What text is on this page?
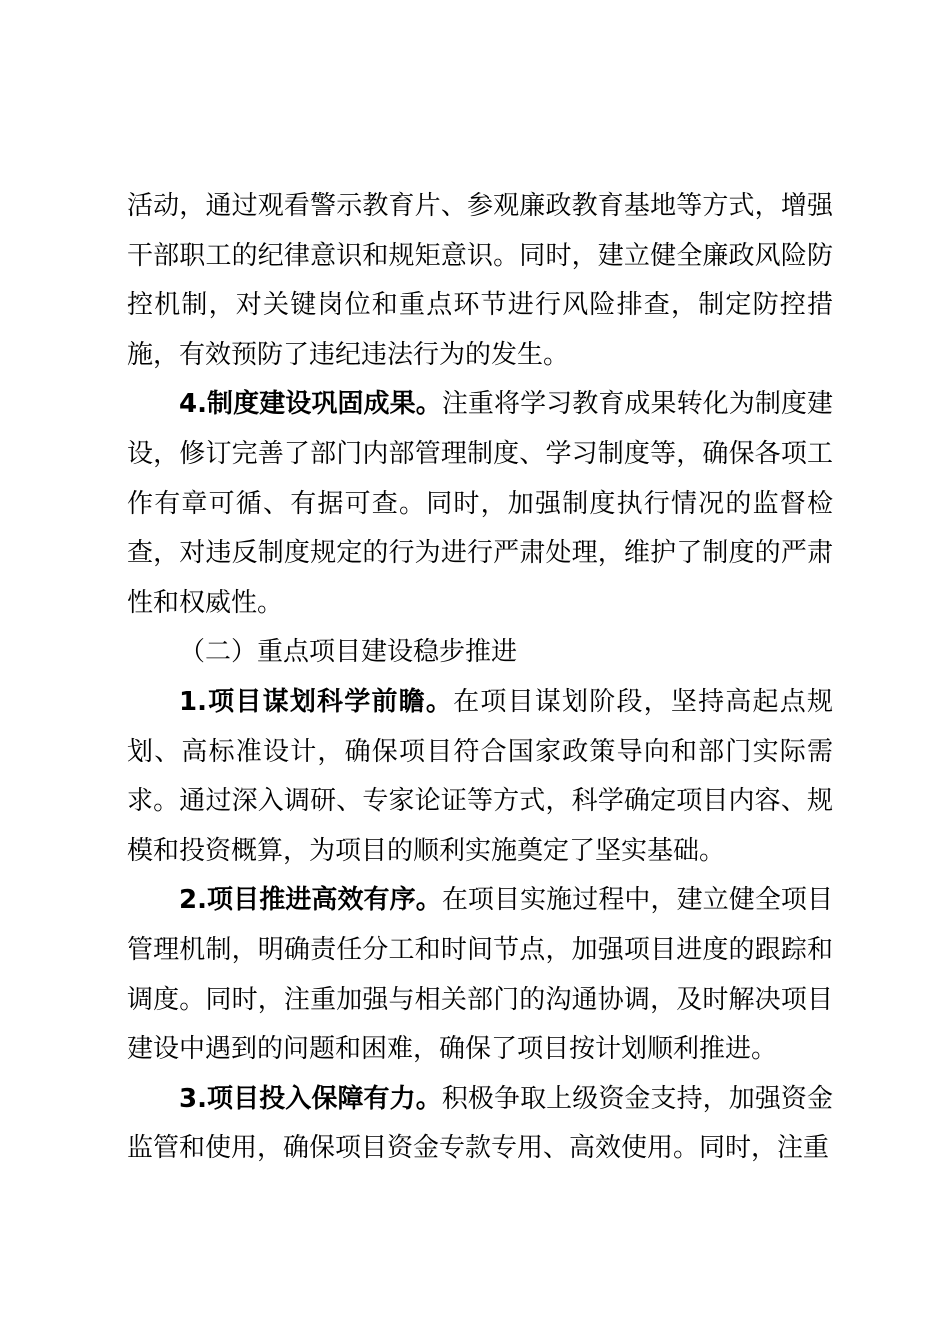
活动，通过观看警示教育片、参观廉政教育基地等方式，增强干部职工的纪律意识和规矩意识。同时，建立健全廉政风险防控机制，对关键岗位和重点环节进行风险排查，制定防控措施，有效预防了违纪违法行为的发生。

4.制度建设巩固成果。注重将学习教育成果转化为制度建设，修订完善了部门内部管理制度、学习制度等，确保各项工作有章可循、有据可查。同时，加强制度执行情况的监督检查，对违反制度规定的行为进行严肃处理，维护了制度的严肃性和权威性。

（二）重点项目建设稳步推进

1.项目谋划科学前瞻。在项目谋划阶段，坚持高起点规划、高标准设计，确保项目符合国家政策导向和部门实际需求。通过深入调研、专家论证等方式，科学确定项目内容、规模和投资概算，为项目的顺利实施奠定了坚实基础。

2.项目推进高效有序。在项目实施过程中，建立健全项目管理机制，明确责任分工和时间节点，加强项目进度的跟踪和调度。同时，注重加强与相关部门的沟通协调，及时解决项目建设中遇到的问题和困难，确保了项目按计划顺利推进。

3.项目投入保障有力。积极争取上级资金支持，加强资金监管和使用，确保项目资金专款专用、高效使用。同时，注重
